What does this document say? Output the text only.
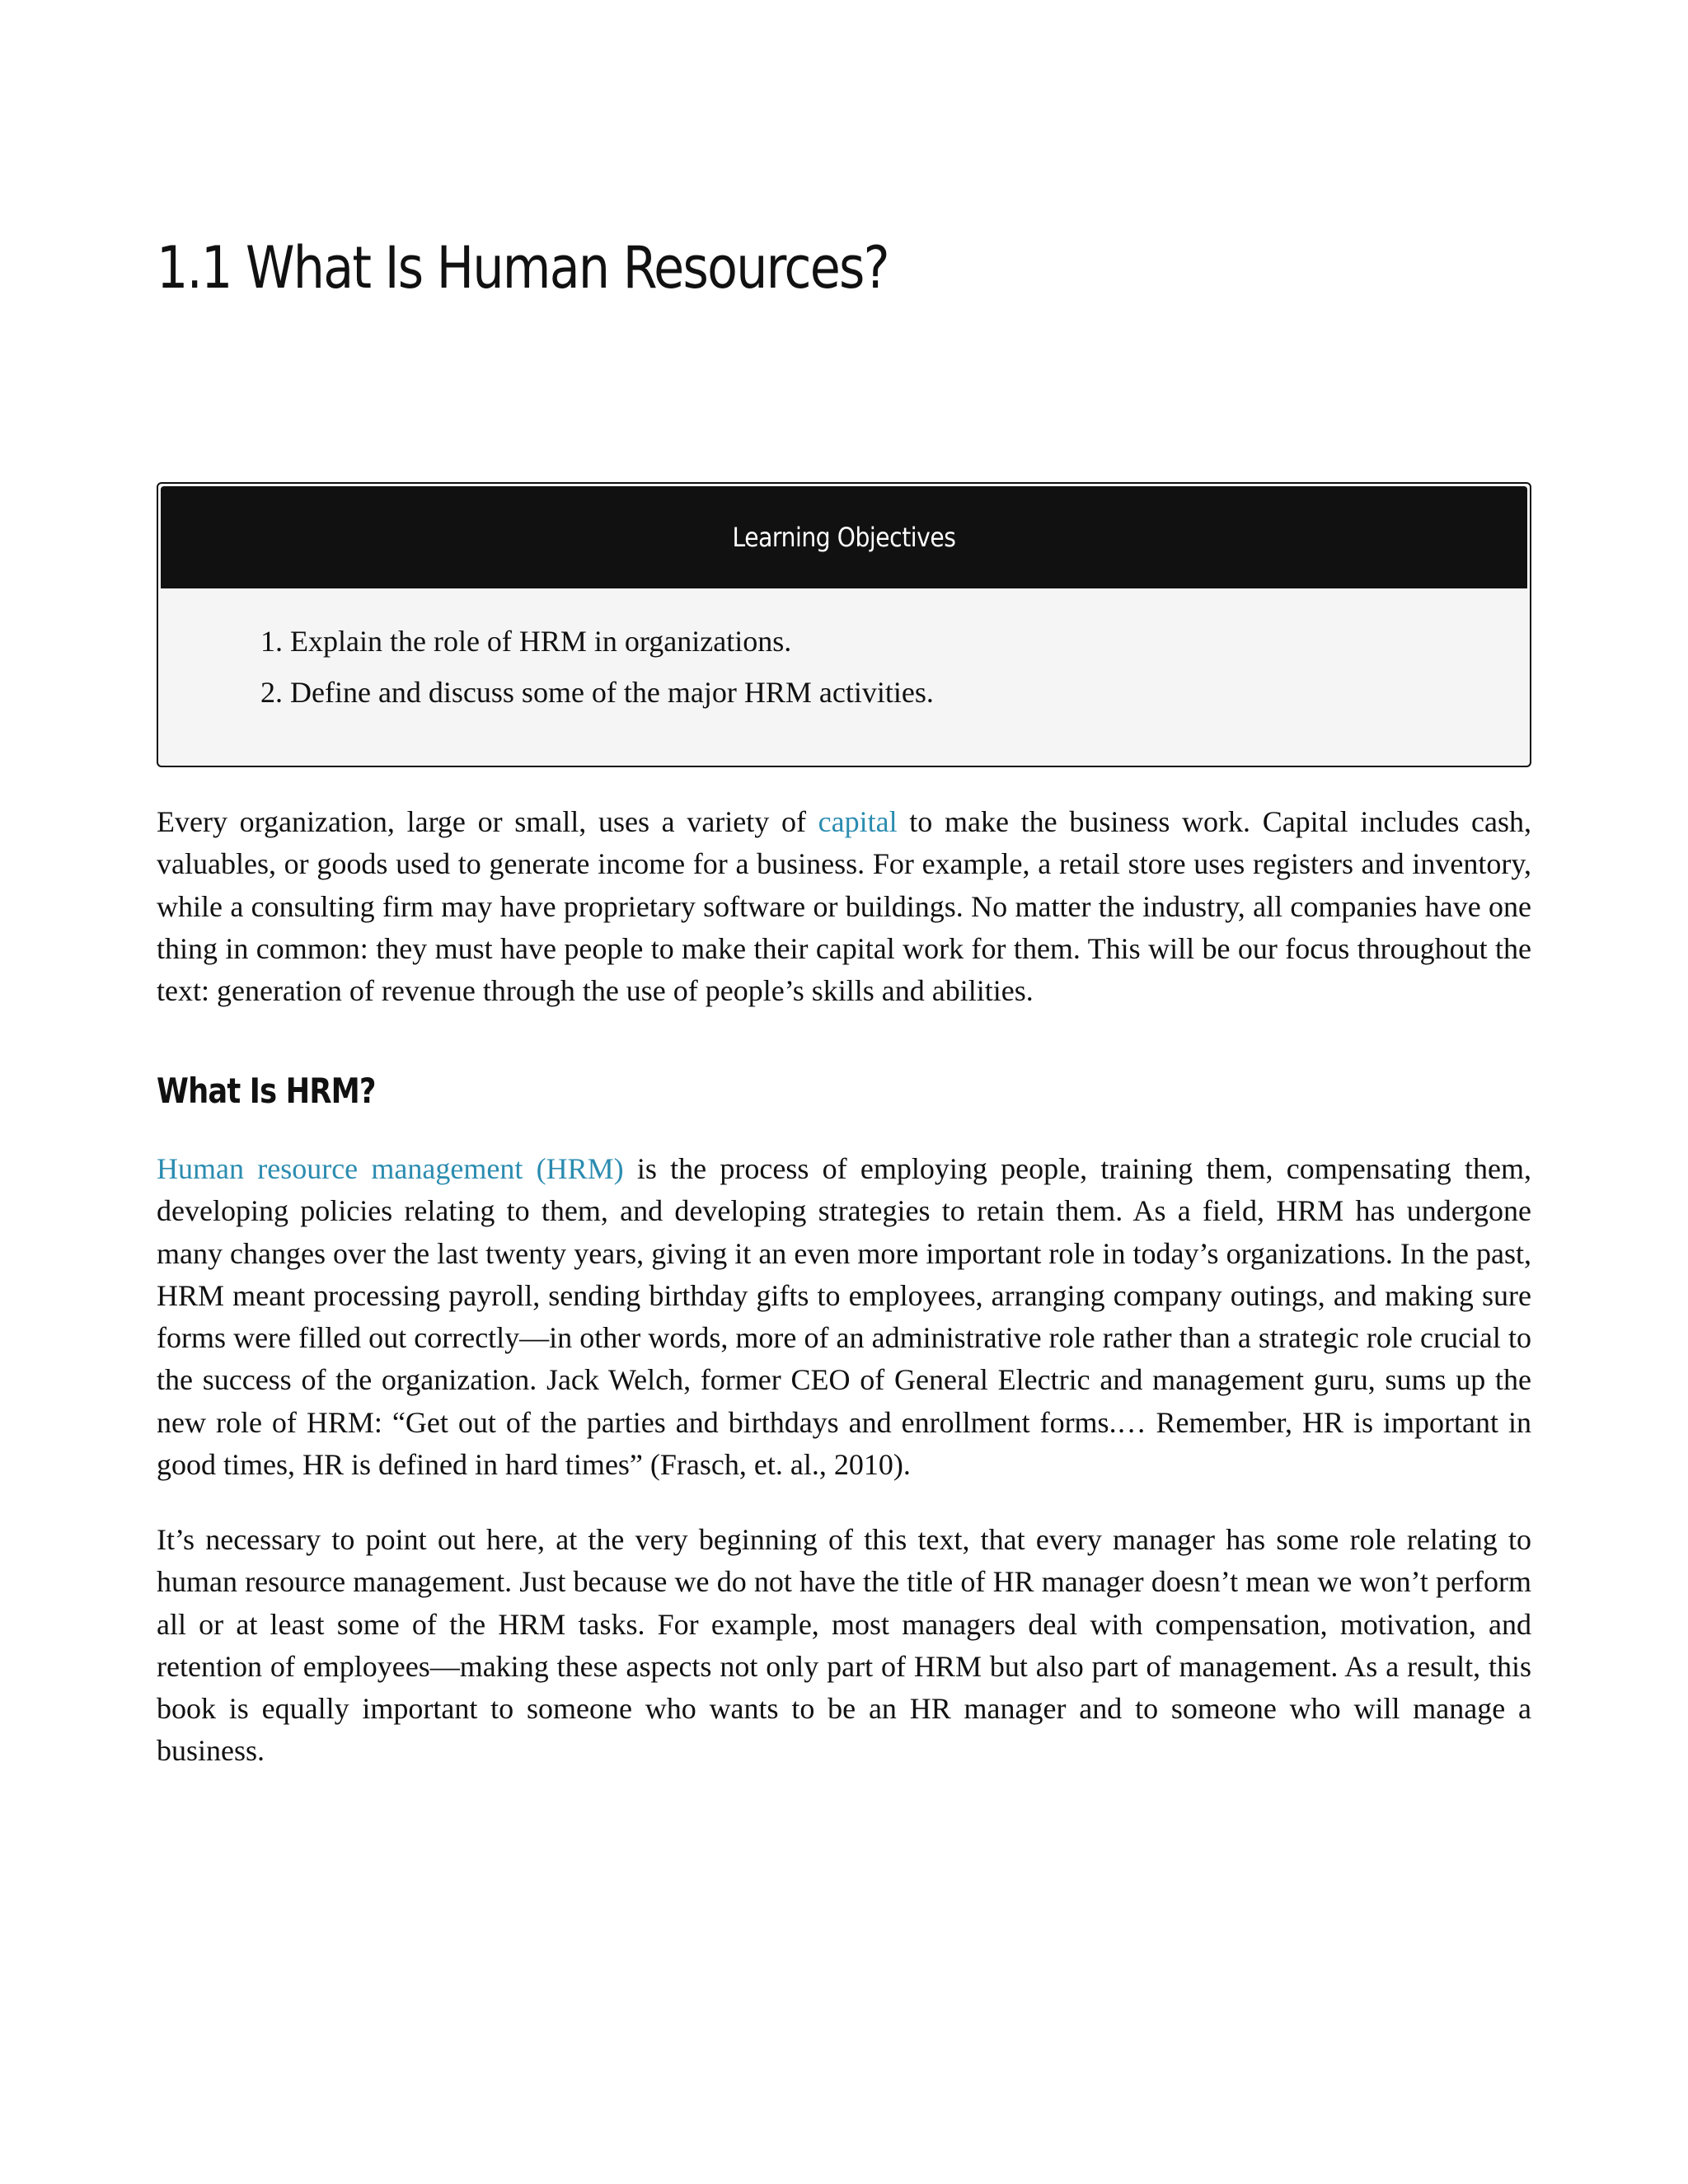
1.1 What Is Human Resources?
Learning Objectives
1. Explain the role of HRM in organizations.
2. Define and discuss some of the major HRM activities.

Every organization, large or small, uses a variety of capital to make the business work. Capital includes cash, valuables, or goods used to generate income for a business. For example, a retail store uses registers and inventory, while a consulting firm may have proprietary software or buildings. No matter the industry, all companies have one thing in common: they must have people to make their capital work for them. This will be our focus throughout the text: generation of revenue through the use of people’s skills and abilities.

What Is HRM?

Human resource management (HRM) is the process of employing people, training them, compensating them, developing policies relating to them, and developing strategies to retain them. As a field, HRM has undergone many changes over the last twenty years, giving it an even more important role in today’s organizations. In the past, HRM meant processing payroll, sending birthday gifts to employees, arranging company outings, and making sure forms were filled out correctly—in other words, more of an administrative role rather than a strategic role crucial to the success of the organization. Jack Welch, former CEO of General Electric and management guru, sums up the new role of HRM: “Get out of the parties and birthdays and enrollment forms.… Remember, HR is important in good times, HR is defined in hard times” (Frasch, et. al., 2010).

It’s necessary to point out here, at the very beginning of this text, that every manager has some role relating to human resource management. Just because we do not have the title of HR manager doesn’t mean we won’t perform all or at least some of the HRM tasks. For example, most managers deal with compensation, motivation, and retention of employees—making these aspects not only part of HRM but also part of management. As a result, this book is equally important to someone who wants to be an HR manager and to someone who will manage a business.
